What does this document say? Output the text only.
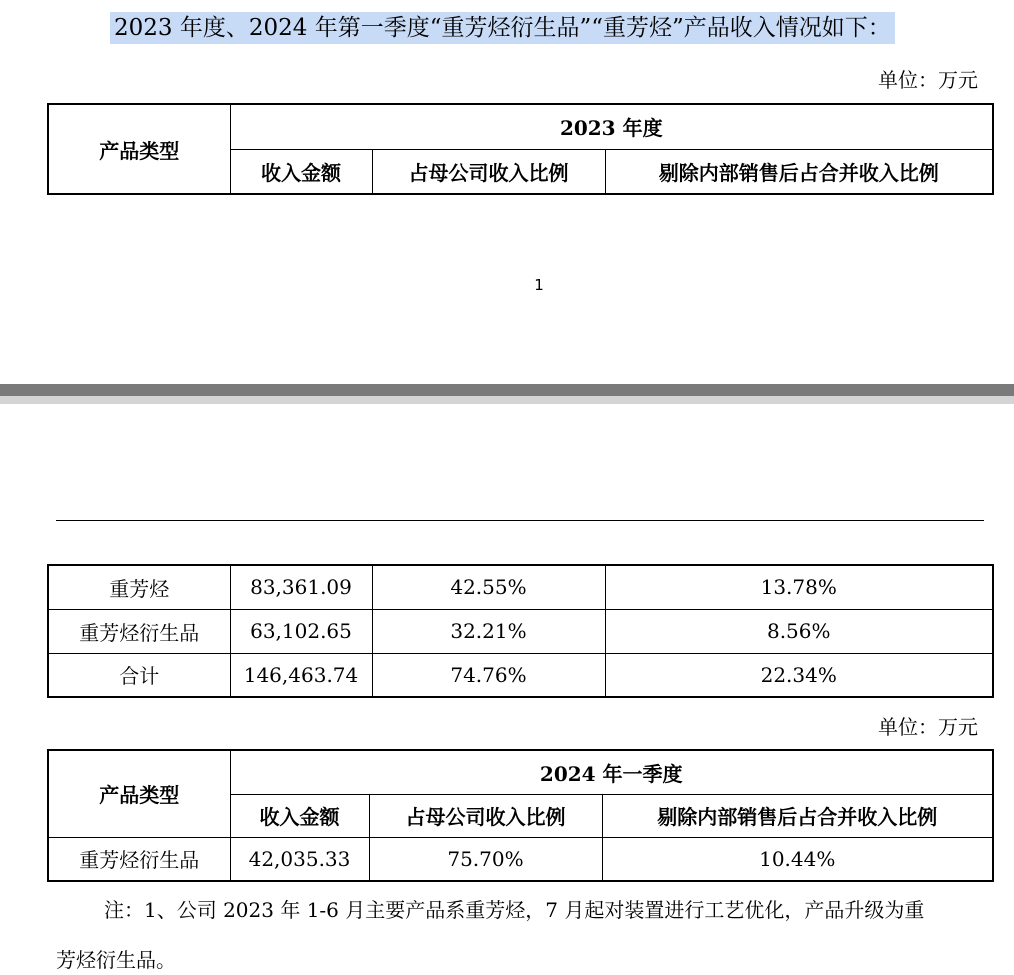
2023 年度、2024 年第一季度“重芳烃衍生品”“重芳烃”产品收入情况如下：
单位：万元
产品类型	2023 年度		
	收入金额	占母公司收入比例	剔除内部销售后占合并收入比例
1
重芳烃	83,361.09	42.55%	13.78%
重芳烃衍生品	63,102.65	32.21%	8.56%
合计	146,463.74	74.76%	22.34%
单位：万元
产品类型	2024 年一季度		
	收入金额	占母公司收入比例	剔除内部销售后占合并收入比例
重芳烃衍生品	42,035.33	75.70%	10.44%
注：1、公司 2023 年 1-6 月主要产品系重芳烃，7 月起对装置进行工艺优化，产品升级为重
芳烃衍生品。
